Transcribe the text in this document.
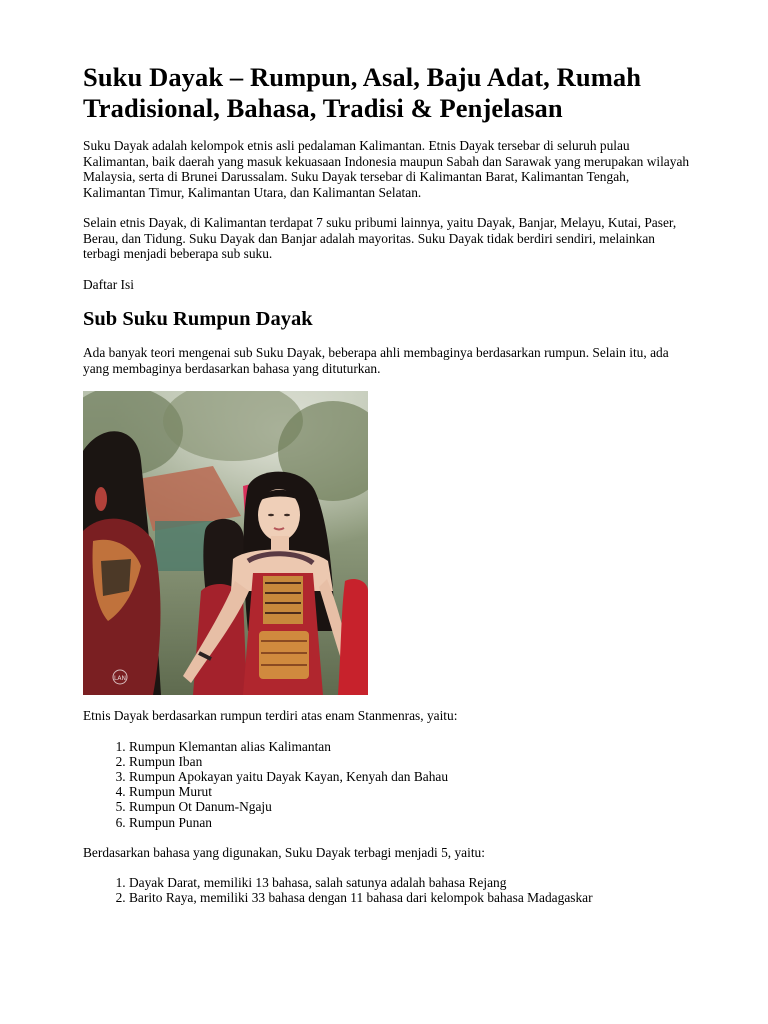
Suku Dayak – Rumpun, Asal, Baju Adat, Rumah Tradisional, Bahasa, Tradisi & Penjelasan

Suku Dayak adalah kelompok etnis asli pedalaman Kalimantan. Etnis Dayak tersebar di seluruh pulau Kalimantan, baik daerah yang masuk kekuasaan Indonesia maupun Sabah dan Sarawak yang merupakan wilayah Malaysia, serta di Brunei Darussalam. Suku Dayak tersebar di Kalimantan Barat, Kalimantan Tengah, Kalimantan Timur, Kalimantan Utara, dan Kalimantan Selatan.

Selain etnis Dayak, di Kalimantan terdapat 7 suku pribumi lainnya, yaitu Dayak, Banjar, Melayu, Kutai, Paser, Berau, dan Tidung. Suku Dayak dan Banjar adalah mayoritas. Suku Dayak tidak berdiri sendiri, melainkan terbagi menjadi beberapa sub suku.

Daftar Isi

Sub Suku Rumpun Dayak

Ada banyak teori mengenai sub Suku Dayak, beberapa ahli membaginya berdasarkan rumpun. Selain itu, ada yang membaginya berdasarkan bahasa yang dituturkan.

LAN

Etnis Dayak berdasarkan rumpun terdiri atas enam Stanmenras, yaitu:

1. Rumpun Klemantan alias Kalimantan
2. Rumpun Iban
3. Rumpun Apokayan yaitu Dayak Kayan, Kenyah dan Bahau
4. Rumpun Murut
5. Rumpun Ot Danum-Ngaju
6. Rumpun Punan

Berdasarkan bahasa yang digunakan, Suku Dayak terbagi menjadi 5, yaitu:

1. Dayak Darat, memiliki 13 bahasa, salah satunya adalah bahasa Rejang
2. Barito Raya, memiliki 33 bahasa dengan 11 bahasa dari kelompok bahasa Madagaskar
